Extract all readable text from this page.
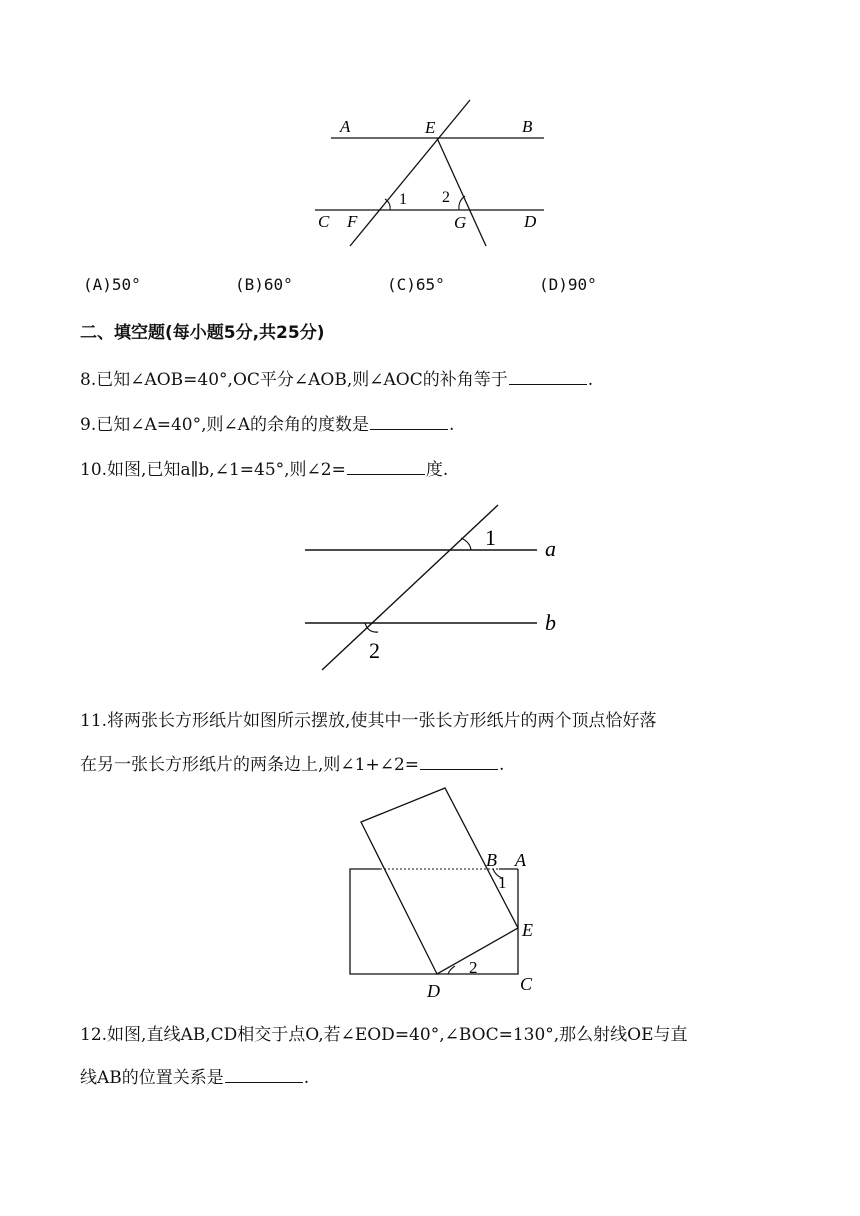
A	E	B
C F	G	D
1 2
(A)50°	(B)60°	(C)65°	(D)90°
二、填空题(每小题5分,共25分)
8.已知∠AOB=40°,OC平分∠AOB,则∠AOC的补角等于	.
9.已知∠A=40°,则∠A的余角的度数是	.
10.如图,已知a∥b,∠1=45°,则∠2=	度.
1
2
a
b
11.将两张长方形纸片如图所示摆放,使其中一张长方形纸片的两个顶点恰好落
在另一张长方形纸片的两条边上,则∠1+∠2=	.
B A
1
E
2
D	C
12.如图,直线AB,CD相交于点O,若∠EOD=40°,∠BOC=130°,那么射线OE与直
线AB的位置关系是	.
